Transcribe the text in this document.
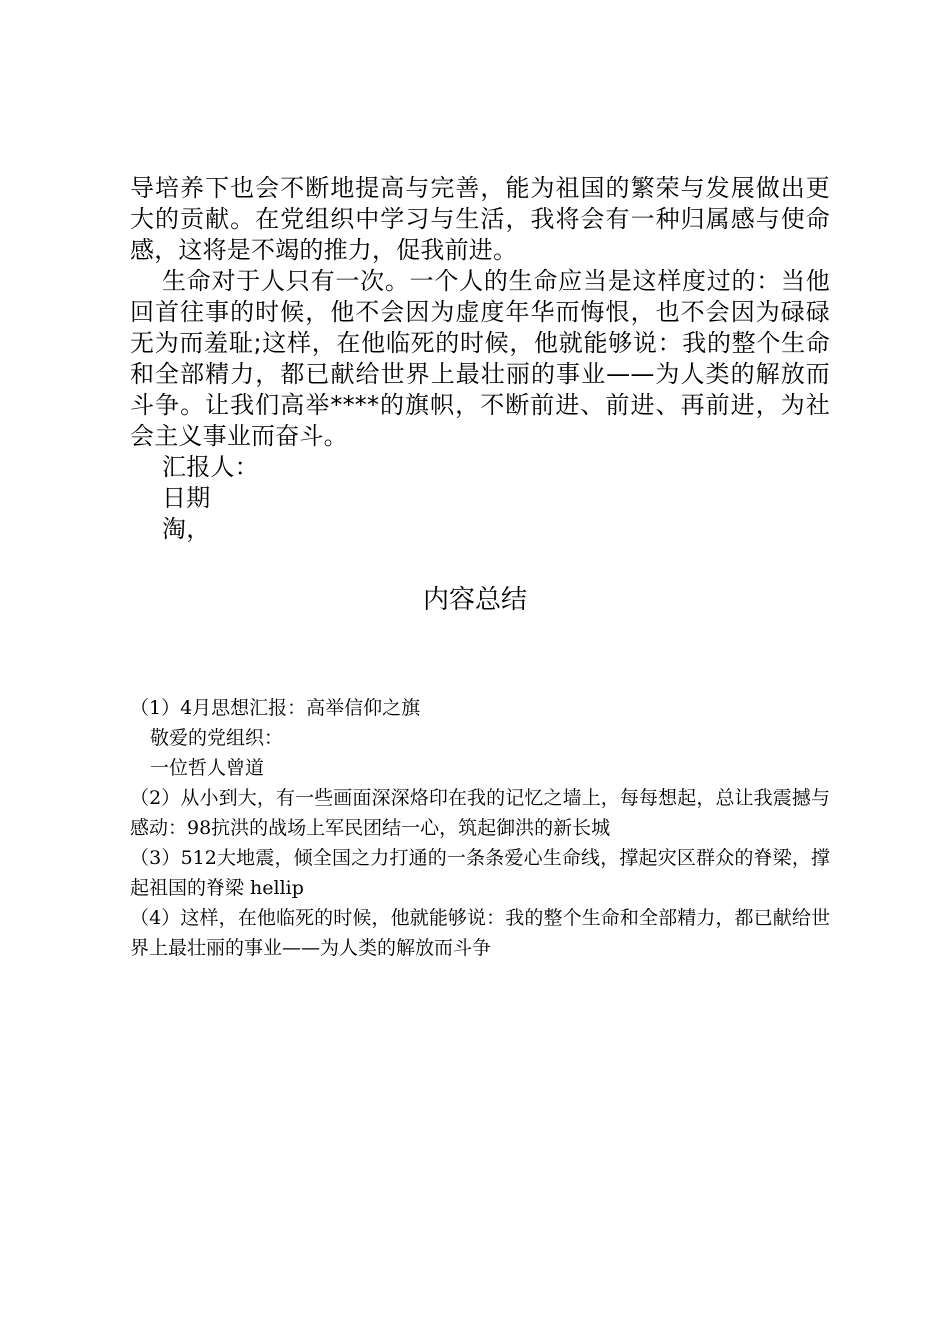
导培养下也会不断地提高与完善，能为祖国的繁荣与发展做出更大的贡献。在党组织中学习与生活，我将会有一种归属感与使命感，这将是不竭的推力，促我前进。

生命对于人只有一次。一个人的生命应当是这样度过的：当他回首往事的时候，他不会因为虚度年华而悔恨，也不会因为碌碌无为而羞耻;这样，在他临死的时候，他就能够说：我的整个生命和全部精力，都已献给世界上最壮丽的事业——为人类的解放而斗争。让我们高举****的旗帜，不断前进、前进、再前进，为社会主义事业而奋斗。

汇报人：

日期

淘，

内容总结

（1）4月思想汇报：高举信仰之旗

敬爱的党组织：

一位哲人曾道

（2）从小到大，有一些画面深深烙印在我的记忆之墙上，每每想起，总让我震撼与感动：98抗洪的战场上军民团结一心，筑起御洪的新长城

（3）512大地震，倾全国之力打通的一条条爱心生命线，撑起灾区群众的脊梁，撑起祖国的脊梁 hellip

（4）这样，在他临死的时候，他就能够说：我的整个生命和全部精力，都已献给世界上最壮丽的事业——为人类的解放而斗争
